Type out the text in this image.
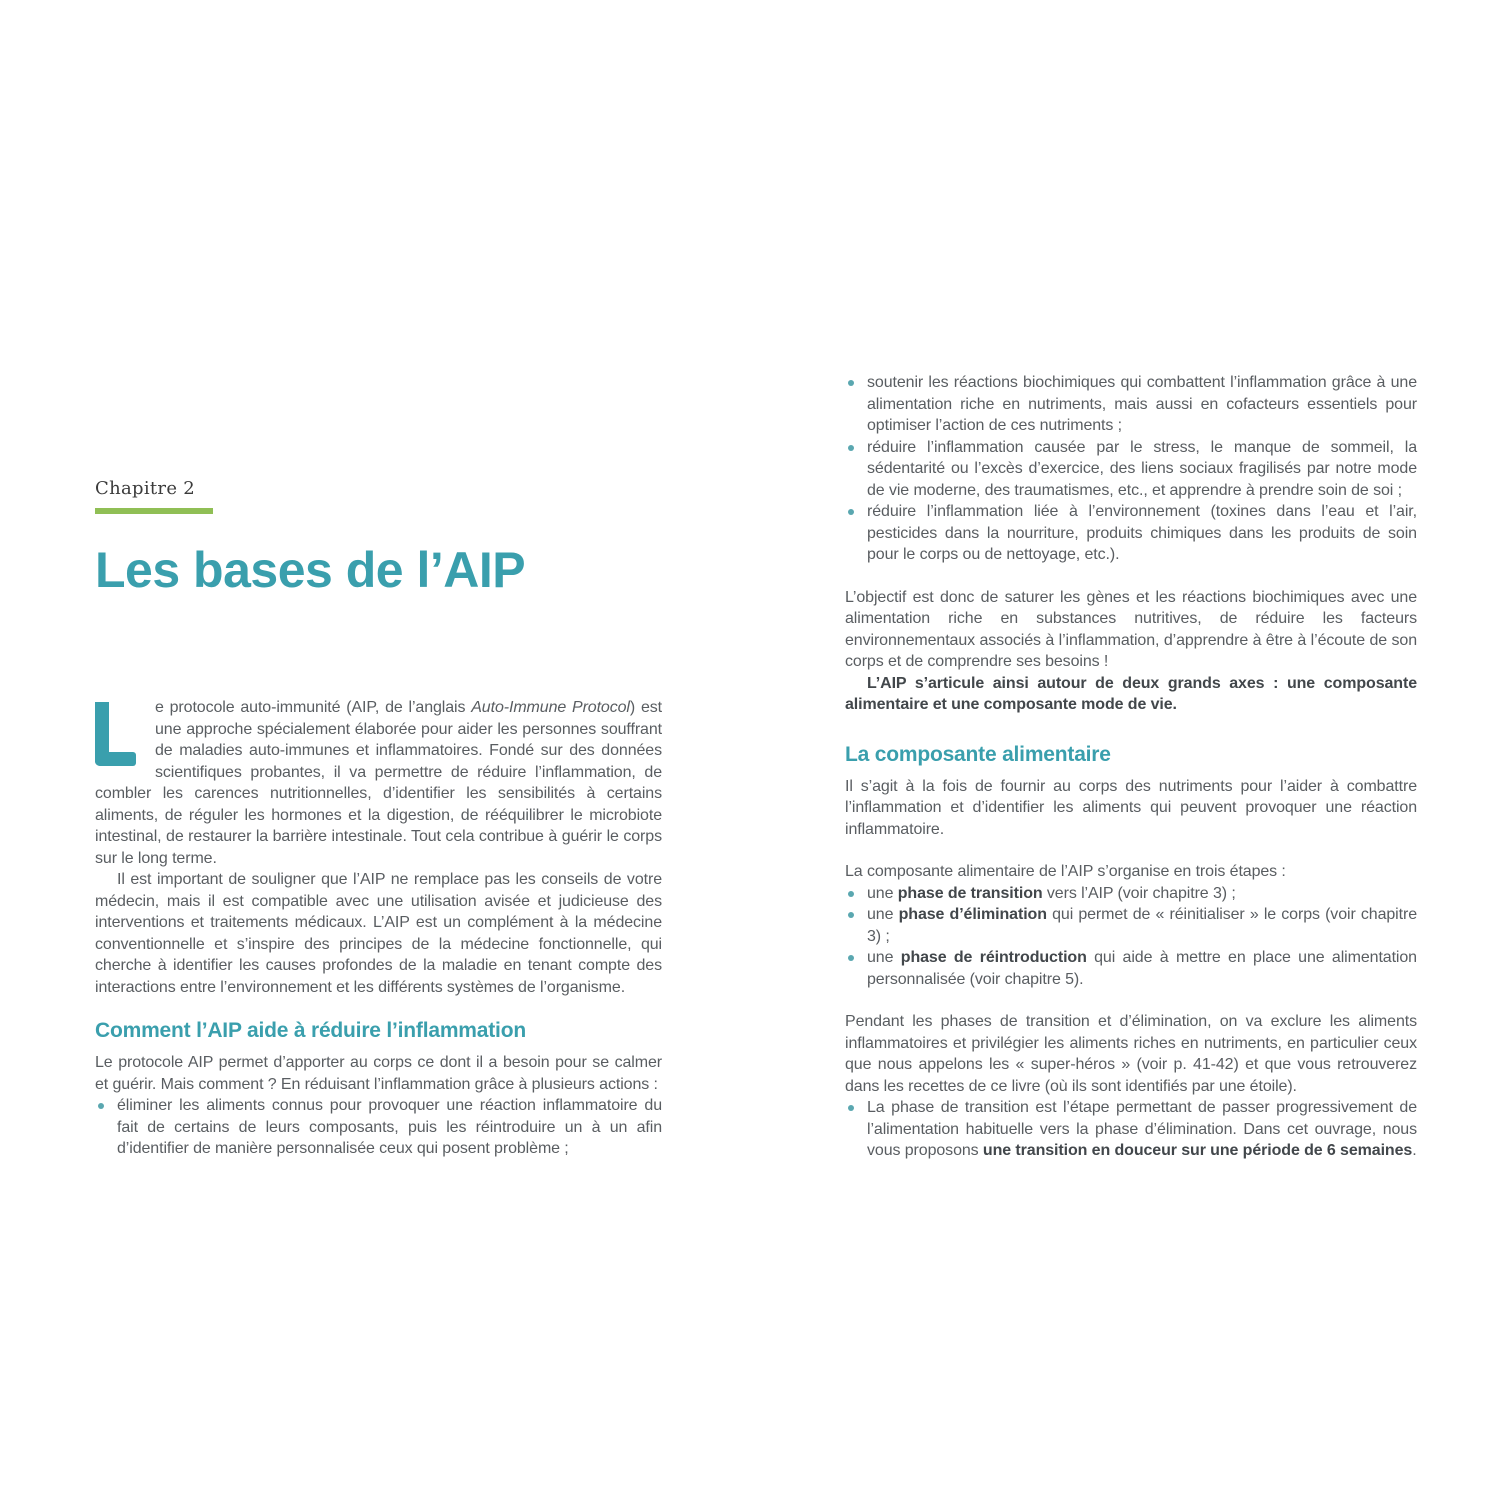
Chapitre 2
Les bases de l’AIP

e protocole auto-immunité (AIP, de l’anglais Auto-Immune Protocol) est une approche spécialement élaborée pour aider les personnes souffrant de maladies auto-immunes et inflammatoires. Fondé sur des données scientifiques probantes, il va permettre de réduire l’inflammation, de combler les carences nutritionnelles, d’identifier les sensibilités à certains aliments, de réguler les hormones et la digestion, de rééquilibrer le microbiote intestinal, de restaurer la barrière intestinale. Tout cela contribue à guérir le corps sur le long terme.

Il est important de souligner que l’AIP ne remplace pas les conseils de votre médecin, mais il est compatible avec une utilisation avisée et judicieuse des interventions et traitements médicaux. L’AIP est un complément à la médecine conventionnelle et s’inspire des principes de la médecine fonctionnelle, qui cherche à identifier les causes profondes de la maladie en tenant compte des interactions entre l’environnement et les différents systèmes de l’organisme.

Comment l’AIP aide à réduire l’inflammation

Le protocole AIP permet d’apporter au corps ce dont il a besoin pour se calmer et guérir. Mais comment ? En réduisant l’inflammation grâce à plusieurs actions :

éliminer les aliments connus pour provoquer une réaction inflammatoire du fait de certains de leurs composants, puis les réintroduire un à un afin d’identifier de manière personnalisée ceux qui posent problème ;
soutenir les réactions biochimiques qui combattent l’inflammation grâce à une alimentation riche en nutriments, mais aussi en cofacteurs essentiels pour optimiser l’action de ces nutriments ;
réduire l’inflammation causée par le stress, le manque de sommeil, la sédentarité ou l’excès d’exercice, des liens sociaux fragilisés par notre mode de vie moderne, des traumatismes, etc., et apprendre à prendre soin de soi ;
réduire l’inflammation liée à l’environnement (toxines dans l’eau et l’air, pesticides dans la nourriture, produits chimiques dans les produits de soin pour le corps ou de nettoyage, etc.).

L’objectif est donc de saturer les gènes et les réactions biochimiques avec une alimentation riche en substances nutritives, de réduire les facteurs environnementaux associés à l’inflammation, d’apprendre à être à l’écoute de son corps et de comprendre ses besoins !

L’AIP s’articule ainsi autour de deux grands axes : une composante alimentaire et une composante mode de vie.

La composante alimentaire

Il s’agit à la fois de fournir au corps des nutriments pour l’aider à combattre l’inflammation et d’identifier les aliments qui peuvent provoquer une réaction inflammatoire.

La composante alimentaire de l’AIP s’organise en trois étapes :

une phase de transition vers l’AIP (voir chapitre 3) ;
une phase d’élimination qui permet de « réinitialiser » le corps (voir chapitre 3) ;
une phase de réintroduction qui aide à mettre en place une alimentation personnalisée (voir chapitre 5).

Pendant les phases de transition et d’élimination, on va exclure les aliments inflammatoires et privilégier les aliments riches en nutriments, en particulier ceux que nous appelons les « super-héros » (voir p. 41-42) et que vous retrouverez dans les recettes de ce livre (où ils sont identifiés par une étoile).

La phase de transition est l’étape permettant de passer progressivement de l’alimentation habituelle vers la phase d’élimination. Dans cet ouvrage, nous vous proposons une transition en douceur sur une période de 6 semaines.
